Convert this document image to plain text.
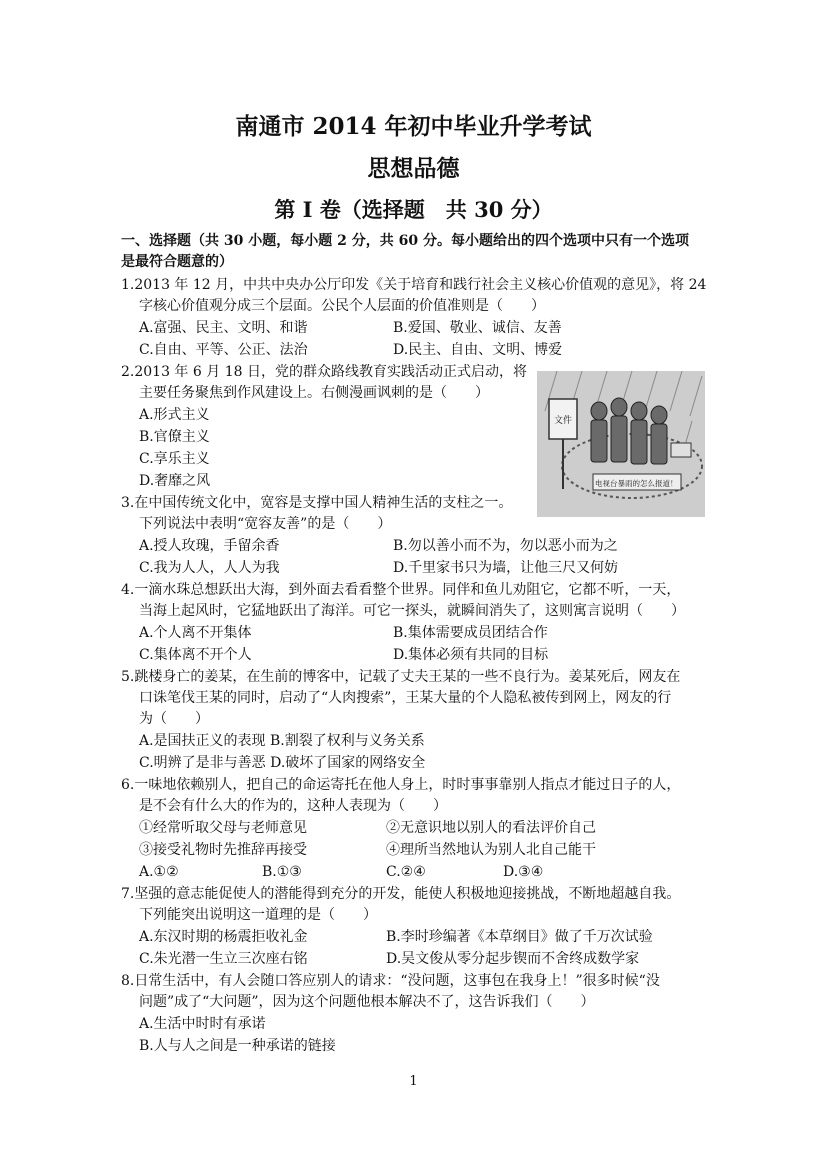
南通市 2014 年初中毕业升学考试
思想品德
第 I 卷（选择题　共 30 分）
一、选择题（共 30 小题，每小题 2 分，共 60 分。每小题给出的四个选项中只有一个选项
是最符合题意的）
1.2013 年 12 月，中共中央办公厅印发《关于培育和践行社会主义核心价值观的意见》，将 24
字核心价值观分成三个层面。公民个人层面的价值准则是（　　）
A.富强、民主、文明、和谐	B.爱国、敬业、诚信、友善
C.自由、平等、公正、法治	D.民主、自由、文明、博爱
2.2013 年 6 月 18 日，党的群众路线教育实践活动正式启动，将
主要任务聚焦到作风建设上。右侧漫画讽刺的是（　　）
A.形式主义
B.官僚主义
C.享乐主义
D.奢靡之风
文件
电视台暴雨的怎么报道！
3.在中国传统文化中，宽容是支撑中国人精神生活的支柱之一。
下列说法中表明“宽容友善”的是（　　）
A.授人玫瑰，手留余香	B.勿以善小而不为，勿以恶小而为之
C.我为人人，人人为我	D.千里家书只为墙，让他三尺又何妨
4.一滴水珠总想跃出大海，到外面去看看整个世界。同伴和鱼儿劝阻它，它都不听，一天，
当海上起风时，它猛地跃出了海洋。可它一探头，就瞬间消失了，这则寓言说明（　　）
A.个人离不开集体	B.集体需要成员团结合作
C.集体离不开个人	D.集体必须有共同的目标
5.跳楼身亡的姜某，在生前的博客中，记载了丈夫王某的一些不良行为。姜某死后，网友在
口诛笔伐王某的同时，启动了“人肉搜索”，王某大量的个人隐私被传到网上，网友的行
为（　　）
A.是国扶正义的表现 B.割裂了权利与义务关系
C.明辨了是非与善恶 D.破坏了国家的网络安全
6.一味地依赖别人，把自己的命运寄托在他人身上，时时事事靠别人指点才能过日子的人，
是不会有什么大的作为的，这种人表现为（　　）
①经常听取父母与老师意见	②无意识地以别人的看法评价自己
③接受礼物时先推辞再接受	④理所当然地认为别人北自己能干
A.①②	B.①③	C.②④	D.③④
7.坚强的意志能促使人的潜能得到充分的开发，能使人积极地迎接挑战，不断地超越自我。
下列能突出说明这一道理的是（　　）
A.东汉时期的杨震拒收礼金	B.李时珍编著《本草纲目》做了千万次试验
C.朱光潜一生立三次座右铭	D.吴文俊从零分起步锲而不舍终成数学家
8.日常生活中，有人会随口答应别人的请求：“没问题，这事包在我身上！”很多时候“没
问题”成了“大问题”，因为这个问题他根本解决不了，这告诉我们（　　）
A.生活中时时有承诺
B.人与人之间是一种承诺的链接
1
